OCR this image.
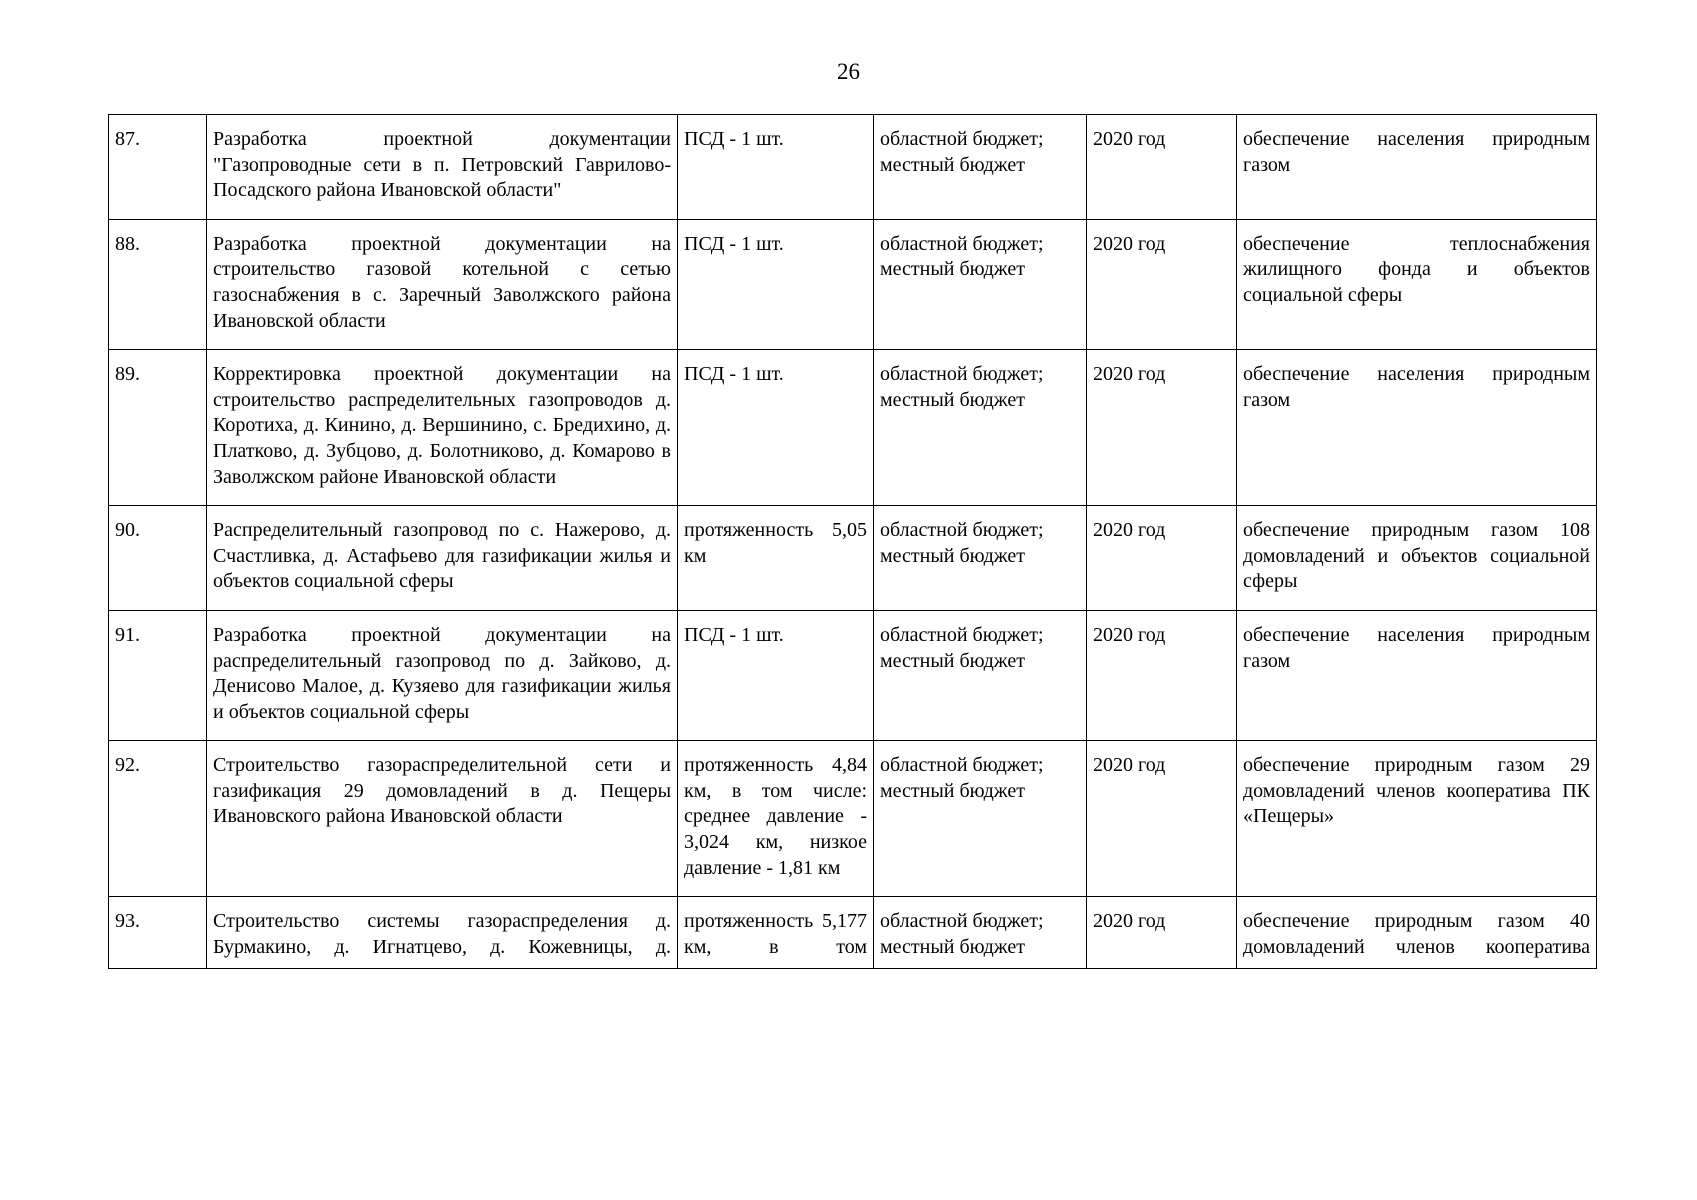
26
87.	Разработка проектной документации "Газопроводные сети в п. Петровский Гаврилово-Посадского района Ивановской области"	ПСД - 1 шт.	областной бюджет; местный бюджет	2020 год	обеспечение населения природным газом
88.	Разработка проектной документации на строительство газовой котельной с сетью газоснабжения в с. Заречный Заволжского района Ивановской области	ПСД - 1 шт.	областной бюджет; местный бюджет	2020 год	обеспечение теплоснабжения жилищного фонда и объектов социальной сферы
89.	Корректировка проектной документации на строительство распределительных газопроводов д. Коротиха, д. Кинино, д. Вершинино, с. Бредихино, д. Платково, д. Зубцово, д. Болотниково, д. Комарово в Заволжском районе Ивановской области	ПСД - 1 шт.	областной бюджет; местный бюджет	2020 год	обеспечение населения природным газом
90.	Распределительный газопровод по с. Нажерово, д. Счастливка, д. Астафьево для газификации жилья и объектов социальной сферы	протяженность 5,05 км	областной бюджет; местный бюджет	2020 год	обеспечение природным газом 108 домовладений и объектов социальной сферы
91.	Разработка проектной документации на распределительный газопровод по д. Зайково, д. Денисово Малое, д. Кузяево для газификации жилья и объектов социальной сферы	ПСД - 1 шт.	областной бюджет; местный бюджет	2020 год	обеспечение населения природным газом
92.	Строительство газораспределительной сети и газификация 29 домовладений в д. Пещеры Ивановского района Ивановской области	протяженность 4,84 км, в том числе: среднее давление - 3,024 км, низкое давление - 1,81 км	областной бюджет; местный бюджет	2020 год	обеспечение природным газом 29 домовладений членов кооператива ПК «Пещеры»
93.	Строительство системы газораспределения д. Бурмакино, д. Игнатцево, д. Кожевницы, д.	протяженность 5,177 км, в том	областной бюджет; местный бюджет	2020 год	обеспечение природным газом 40 домовладений членов кооператива
